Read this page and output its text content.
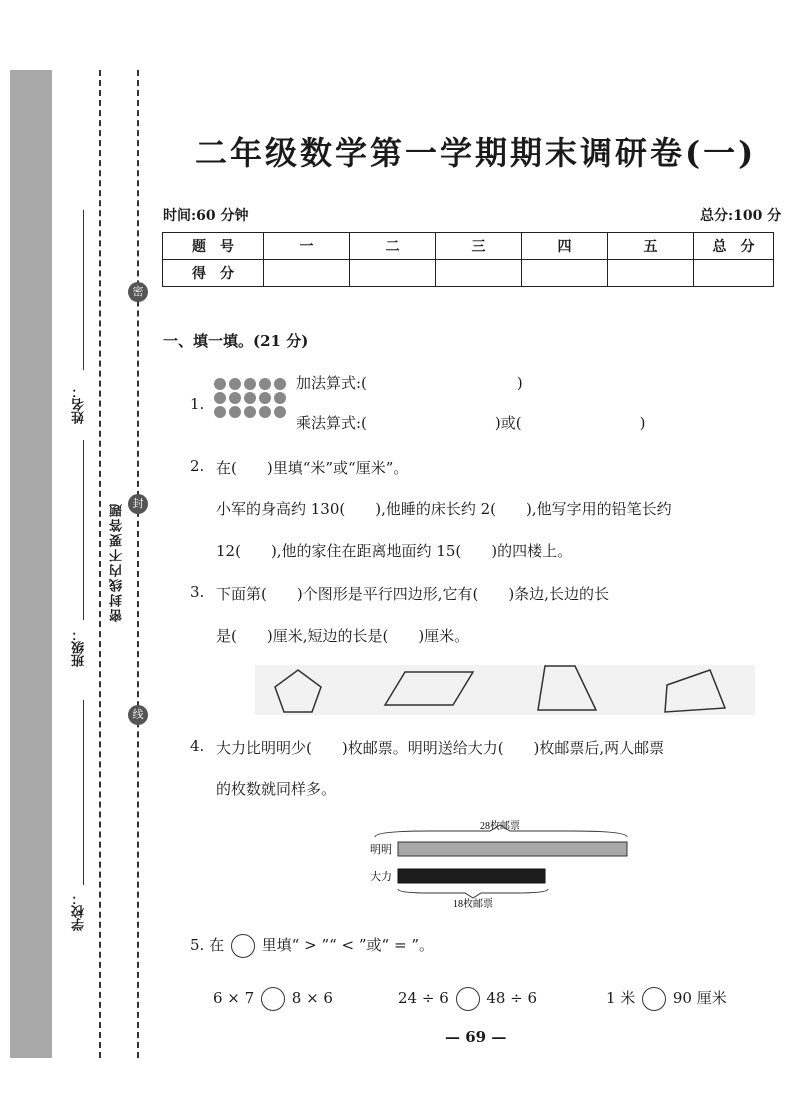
姓名：
班级：
学校：
密封线内不要答题
密
封
线
二年级数学第一学期期末调研卷(一)
时间:60 分钟	总分:100 分
题　号	一	二	三	四	五	总　分
得　分						
一、填一填。(21 分)
1.
加法算式:(	)
乘法算式:(	)或(	)
2. 在(　　)里填“米”或“厘米”。
小军的身高约 130(　　),他睡的床长约 2(　　),他写字用的铅笔长约
12(　　),他的家住在距离地面约 15(　　)的四楼上。
3. 下面第(　　)个图形是平行四边形,它有(　　)条边,长边的长
是(　　)厘米,短边的长是(　　)厘米。
4. 大力比明明少(　　)枚邮票。明明送给大力(　　)枚邮票后,两人邮票
的枚数就同样多。
28枚邮票
明明
大力
18枚邮票
5. 在	里填“ > ”“ < ”或“ = ”。
6 × 7	8 × 6	24 ÷ 6	48 ÷ 6	1 米	90 厘米
— 69 —
